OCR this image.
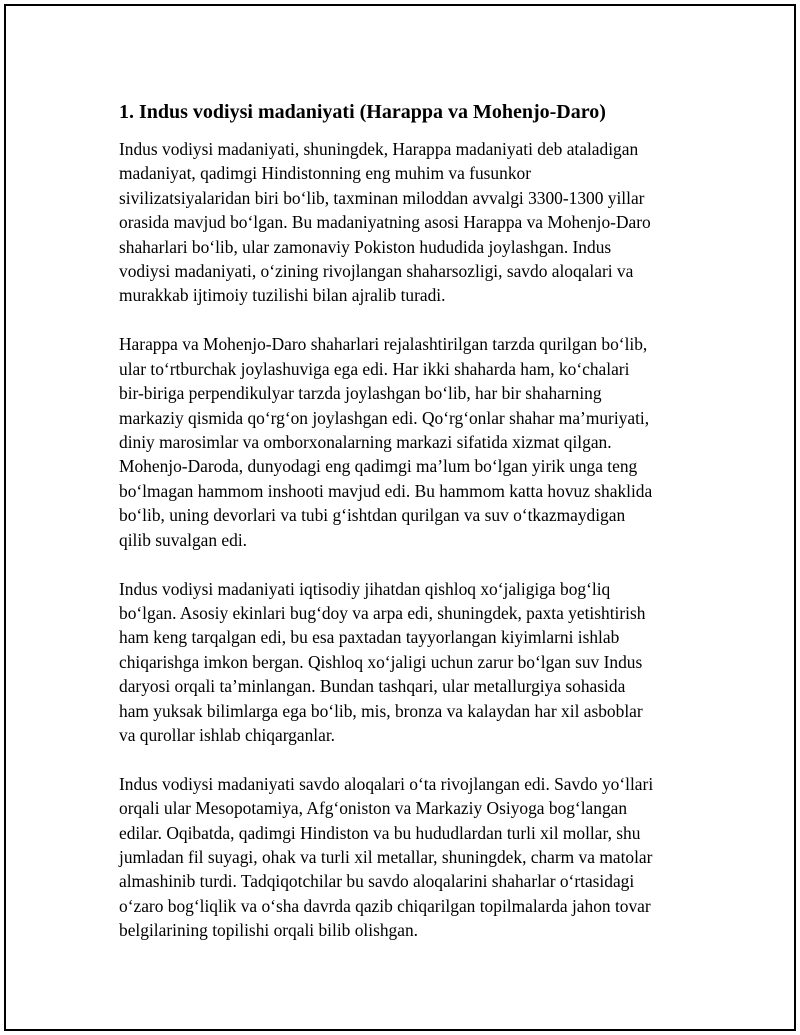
1. Indus vodiysi madaniyati (Harappa va Mohenjo-Daro)

Indus vodiysi madaniyati, shuningdek, Harappa madaniyati deb ataladigan
madaniyat, qadimgi Hindistonning eng muhim va fusunkor
sivilizatsiyalaridan biri bo‘lib, taxminan miloddan avvalgi 3300-1300 yillar
orasida mavjud bo‘lgan. Bu madaniyatning asosi Harappa va Mohenjo-Daro
shaharlari bo‘lib, ular zamonaviy Pokiston hududida joylashgan. Indus
vodiysi madaniyati, o‘zining rivojlangan shaharsozligi, savdo aloqalari va
murakkab ijtimoiy tuzilishi bilan ajralib turadi.

Harappa va Mohenjo-Daro shaharlari rejalashtirilgan tarzda qurilgan bo‘lib,
ular to‘rtburchak joylashuviga ega edi. Har ikki shaharda ham, ko‘chalari
bir-biriga perpendikulyar tarzda joylashgan bo‘lib, har bir shaharning
markaziy qismida qo‘rg‘on joylashgan edi. Qo‘rg‘onlar shahar ma’muriyati,
diniy marosimlar va omborxonalarning markazi sifatida xizmat qilgan.
Mohenjo-Daroda, dunyodagi eng qadimgi ma’lum bo‘lgan yirik unga teng
bo‘lmagan hammom inshooti mavjud edi. Bu hammom katta hovuz shaklida
bo‘lib, uning devorlari va tubi g‘ishtdan qurilgan va suv o‘tkazmaydigan
qilib suvalgan edi.

Indus vodiysi madaniyati iqtisodiy jihatdan qishloq xo‘jaligiga bog‘liq
bo‘lgan. Asosiy ekinlari bug‘doy va arpa edi, shuningdek, paxta yetishtirish
ham keng tarqalgan edi, bu esa paxtadan tayyorlangan kiyimlarni ishlab
chiqarishga imkon bergan. Qishloq xo‘jaligi uchun zarur bo‘lgan suv Indus
daryosi orqali ta’minlangan. Bundan tashqari, ular metallurgiya sohasida
ham yuksak bilimlarga ega bo‘lib, mis, bronza va kalaydan har xil asboblar
va qurollar ishlab chiqarganlar.

Indus vodiysi madaniyati savdo aloqalari o‘ta rivojlangan edi. Savdo yo‘llari
orqali ular Mesopotamiya, Afg‘oniston va Markaziy Osiyoga bog‘langan
edilar. Oqibatda, qadimgi Hindiston va bu hududlardan turli xil mollar, shu
jumladan fil suyagi, ohak va turli xil metallar, shuningdek, charm va matolar
almashinib turdi. Tadqiqotchilar bu savdo aloqalarini shaharlar o‘rtasidagi
o‘zaro bog‘liqlik va o‘sha davrda qazib chiqarilgan topilmalarda jahon tovar
belgilarining topilishi orqali bilib olishgan.
